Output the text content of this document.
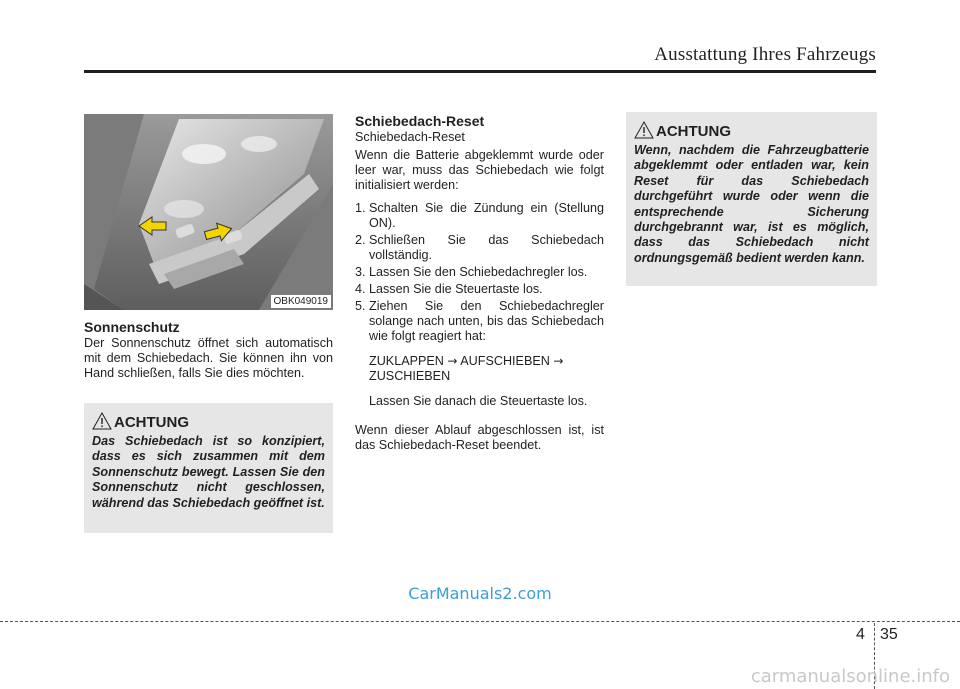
Ausstattung Ihres Fahrzeugs
OBK049019
Sonnenschutz

Der Sonnenschutz öffnet sich automatisch mit dem Schiebedach. Sie können ihn von Hand schließen, falls Sie dies möchten.

ACHTUNG
Das Schiebedach ist so konzipiert, dass es sich zusammen mit dem Sonnenschutz bewegt. Lassen Sie den Sonnenschutz nicht geschlossen, während das Schiebedach geöffnet ist.
Schiebedach-Reset

Schiebedach-Reset

Wenn die Batterie abgeklemmt wurde oder leer war, muss das Schiebedach wie folgt initialisiert werden:

1. Schalten Sie die Zündung ein (Stellung ON).
2. Schließen Sie das Schiebedach vollständig.
3. Lassen Sie den Schiebedachregler los.
4. Lassen Sie die Steuertaste los.
5. Ziehen Sie den Schiebedachregler solange nach unten, bis das Schiebedach wie folgt reagiert hat:

ZUKLAPPEN → AUFSCHIEBEN →
ZUSCHIEBEN

Lassen Sie danach die Steuertaste los.

Wenn dieser Ablauf abgeschlossen ist, ist das Schiebedach-Reset beendet.

ACHTUNG
Wenn, nachdem die Fahrzeugbatterie abgeklemmt oder entladen war, kein Reset für das Schiebedach durchgeführt wurde oder wenn die entsprechende Sicherung durchgebrannt war, ist es möglich, dass das Schiebedach nicht ordnungsgemäß bedient werden kann.
CarManuals2.com
4 35
carmanualsonline.info
